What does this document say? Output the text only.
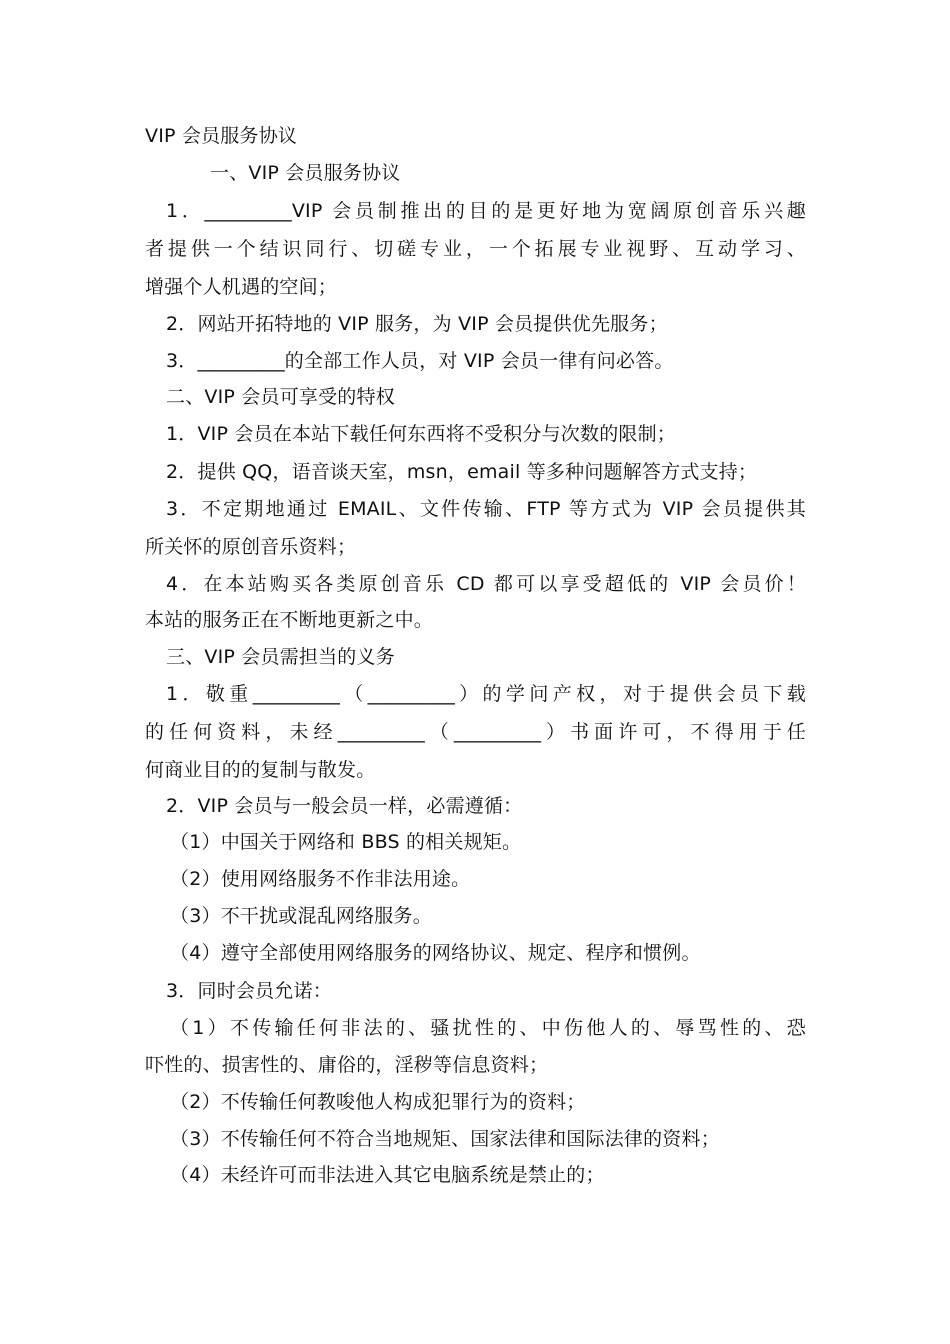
VIP 会员服务协议
一、VIP 会员服务协议
1．_________VIP 会员制推出的目的是更好地为宽阔原创音乐兴趣
者提供一个结识同行、切磋专业，一个拓展专业视野、互动学习、
增强个人机遇的空间；
2．网站开拓特地的 VIP 服务，为 VIP 会员提供优先服务；
3．_________的全部工作人员，对 VIP 会员一律有问必答。
二、VIP 会员可享受的特权
1．VIP 会员在本站下载任何东西将不受积分与次数的限制；
2．提供 QQ，语音谈天室，msn，email 等多种问题解答方式支持；
3．不定期地通过 EMAIL、文件传输、FTP 等方式为 VIP 会员提供其
所关怀的原创音乐资料；
4．在本站购买各类原创音乐 CD 都可以享受超低的 VIP 会员价！
本站的服务正在不断地更新之中。
三、VIP 会员需担当的义务
1．敬重_________（_________）的学问产权，对于提供会员下载
的任何资料，未经_________（_________）书面许可，不得用于任
何商业目的的复制与散发。
2．VIP 会员与一般会员一样，必需遵循：
（1）中国关于网络和 BBS 的相关规矩。
（2）使用网络服务不作非法用途。
（3）不干扰或混乱网络服务。
（4）遵守全部使用网络服务的网络协议、规定、程序和惯例。
3．同时会员允诺：
（1）不传输任何非法的、骚扰性的、中伤他人的、辱骂性的、恐
吓性的、损害性的、庸俗的，淫秽等信息资料；
（2）不传输任何教唆他人构成犯罪行为的资料；
（3）不传输任何不符合当地规矩、国家法律和国际法律的资料；
（4）未经许可而非法进入其它电脑系统是禁止的；
